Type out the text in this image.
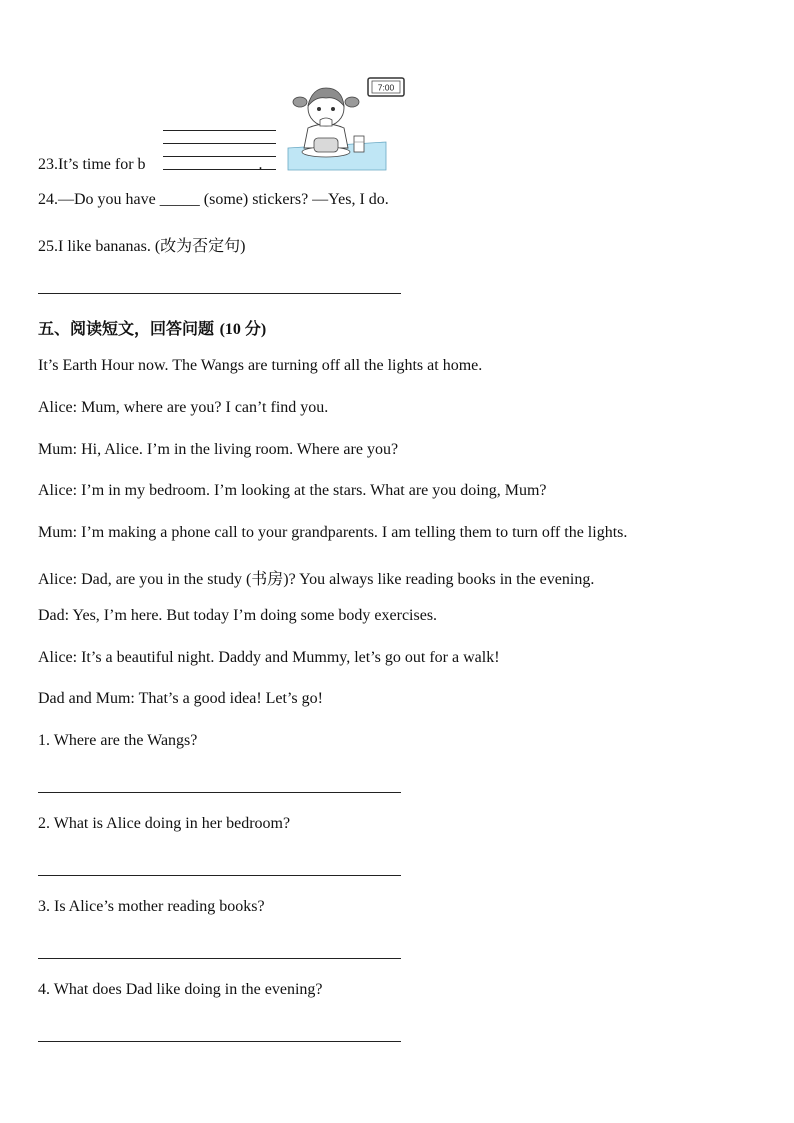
23.It’s time for b	.
7:00
24.—Do you have _____ (some) stickers? —Yes, I do.
25.I like bananas. (改为否定句)
五、阅读短文，回答问题 (10 分)
It’s Earth Hour now. The Wangs are turning off all the lights at home.
Alice: Mum, where are you? I can’t find you.
Mum: Hi, Alice. I’m in the living room. Where are you?
Alice: I’m in my bedroom. I’m looking at the stars. What are you doing, Mum?
Mum: I’m making a phone call to your grandparents. I am telling them to turn off the lights.
Alice: Dad, are you in the study (书房)? You always like reading books in the evening.
Dad: Yes, I’m here. But today I’m doing some body exercises.
Alice: It’s a beautiful night. Daddy and Mummy, let’s go out for a walk!
Dad and Mum: That’s a good idea! Let’s go!
1. Where are the Wangs?
2. What is Alice doing in her bedroom?
3. Is Alice’s mother reading books?
4. What does Dad like doing in the evening?
